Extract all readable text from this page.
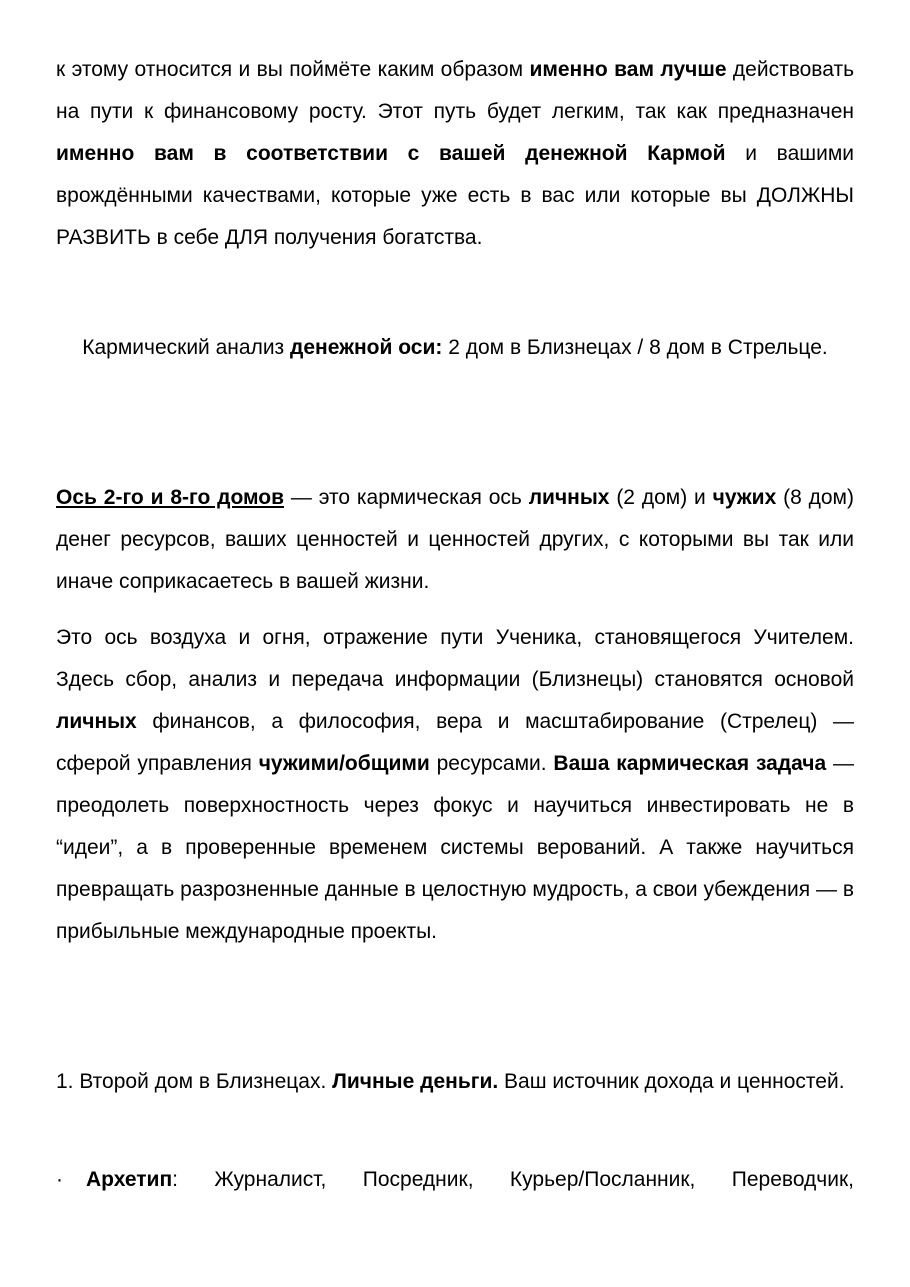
к этому относится и вы поймёте каким образом именно вам лучше действовать на пути к финансовому росту. Этот путь будет легким, так как предназначен именно вам в соответствии с вашей денежной Кармой и вашими врождёнными качествами, которые уже есть в вас или которые вы ДОЛЖНЫ РАЗВИТЬ в себе ДЛЯ получения богатства.

Кармический анализ денежной оси: 2 дом в Близнецах / 8 дом в Стрельце.

Ось 2-го и 8-го домов — это кармическая ось личных (2 дом) и чужих (8 дом) денег ресурсов, ваших ценностей и ценностей других, с которыми вы так или иначе соприкасаетесь в вашей жизни.

Это ось воздуха и огня, отражение пути Ученика, становящегося Учителем. Здесь сбор, анализ и передача информации (Близнецы) становятся основой личных финансов, а философия, вера и масштабирование (Стрелец) — сферой управления чужими/общими ресурсами. Ваша кармическая задача — преодолеть поверхностность через фокус и научиться инвестировать не в “идеи”, а в проверенные временем системы верований. А также научиться превращать разрозненные данные в целостную мудрость, а свои убеждения — в прибыльные международные проекты.

1. Второй дом в Близнецах. Личные деньги. Ваш источник дохода и ценностей.

·	Архетип: Журналист, Посредник, Курьер/Посланник, Переводчик,
